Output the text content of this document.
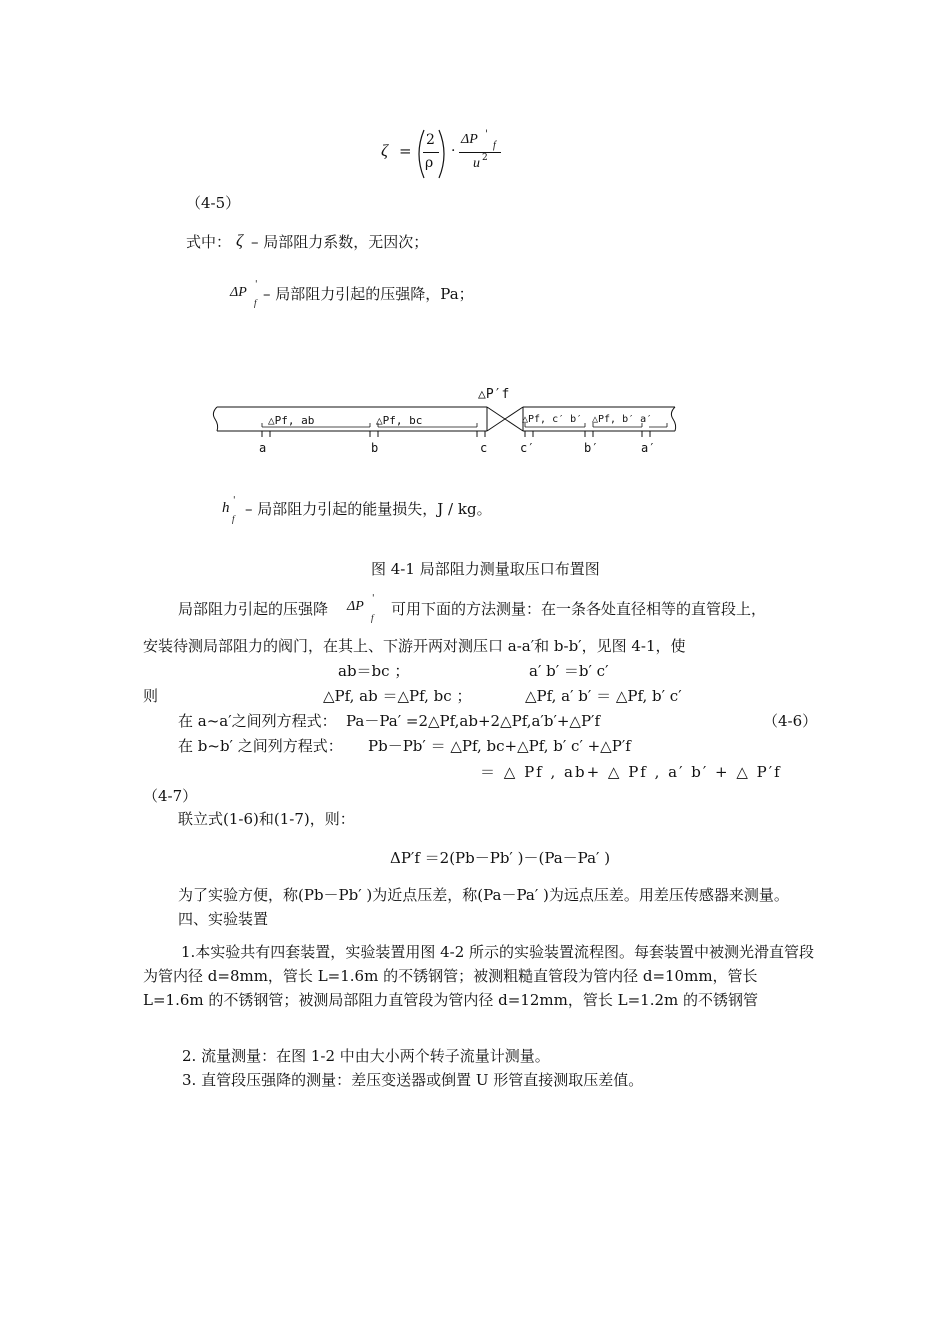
ζ =
2
ρ
·
ΔP '
f
u 2
（4-5）
式中： ζ – 局部阻力系数，无因次；
ΔP '
f – 局部阻力引起的压强降，Pa；
△P′f
△Pf, ab	△Pf, bc	△Pf, c′ b′ △Pf, b′ a′
a	b	c	c′	b′	a′
h '
f
– 局部阻力引起的能量损失，J / kg。
图 4-1 局部阻力测量取压口布置图
局部阻力引起的压强降 ΔP '
f 可用下面的方法测量：在一条各处直径相等的直管段上，
安装待测局部阻力的阀门，在其上、下游开两对测压口 a-a′和 b-b′，见图 4-1，使
ab＝bc ；	a′ b′ ＝b′ c′
则	△Pf, ab ＝△Pf, bc ；	△Pf, a′ b′ ＝ △Pf, b′ c′
在 a~a′之间列方程式： Pa－Pa′ =2△Pf,ab+2△Pf,a′b′+△P′f	（4-6）
在 b~b′ 之间列方程式： Pb－Pb′ ＝ △Pf, bc+△Pf, b′ c′ +△P′f
＝ △ Pf , ab+ △ Pf , a′ b′ + △ P′f
（4-7）
联立式(1-6)和(1-7)，则：
ΔP′f ＝2(Pb－Pb′ )－(Pa－Pa′ )
为了实验方便，称(Pb－Pb′ )为近点压差，称(Pa－Pa′ )为远点压差。用差压传感器来测量。
四、实验装置
1.本实验共有四套装置，实验装置用图 4-2 所示的实验装置流程图。每套装置中被测光滑直管段为管内径 d=8mm，管长 L=1.6m 的不锈钢管；被测粗糙直管段为管内径 d=10mm，管长 L=1.6m 的不锈钢管；被测局部阻力直管段为管内径 d=12mm，管长 L=1.2m 的不锈钢管
2. 流量测量：在图 1-2 中由大小两个转子流量计测量。
3. 直管段压强降的测量：差压变送器或倒置 U 形管直接测取压差值。
